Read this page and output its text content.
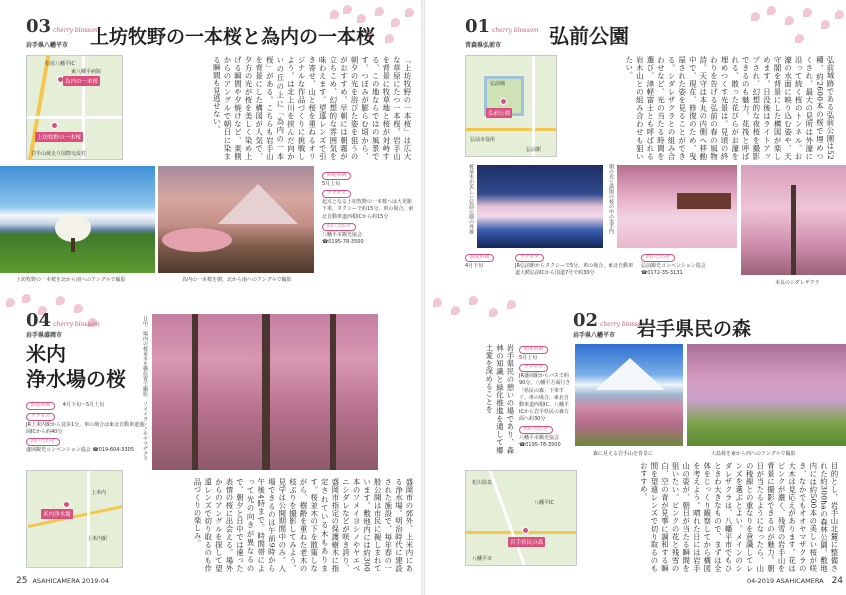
03 cherry blossom
岩手県八幡平市 上坊牧野の一本桜と為内の一本桜
松尾八幡平IC
東八幡平病院
為内の一本桜
上坊牧野の一本桜
岩手山焼走り国際交流村	「上坊牧野の一本桜」は広大な草原にたつ一本桜。岩手山を背景に牧草地と桜が対峙する、この地ならではの風景です。つぼみが膨らむ頃から、朝夕の光を浴びた姿を狙うのがおすすめ。早朝には朝霧が立ちこめ、幻想的な雰囲気を味わえます。望遠レンズで引き寄せ、山と桜を重ねるオリジナルな作品づくりに挑戦しよう。は北上川を挟んだ向かいの丘の上に「為内の一本桜」がある。こちらも岩手山を背景にした構図が人気で、夕方の光が桜を美しく染め上げる瞬間や夕焼けなど、東側からのアングルで朝日に染まる瞬間も見逃せない。
上坊牧野の一本桜を北から南へのアングルで撮影	為内の一本桜を朝、北から南へのアングルで撮影
開花時期

5月上旬

アクセス

起点となる上坊牧野の一本桜へは大更駅下車、タクシーで約15分。車の場合、東北自動車道西根ICから約15分

問い合わせ

八幡平市観光協会
☎0195-78-3500

04 cherry blossom
岩手県盛岡市
米内
浄水場の桜
開花時期	4月下旬～5月上旬
アクセス

JR上米内駅から徒歩1分。車の場合は東北自動車道盛岡ICから約40分

問い合わせ

盛岡観光コンベンション協会 ☎019-604-3305

米内浄水場
上米内
上米内駅
日中、場内の桜並木を横位置で撮影。ソメイヨシノやヤマザクラ
盛岡市の郊外、上米内にある浄水場。明治時代に建設された施設で、毎年春の一般公開は市民に親しまれています。敷地内には約300本のソメイヨシノやヤエベニシダレなどが咲き誇り、盛岡市指定の保護樹木に指定されている木もあります。桜並木の下を散策しながら、樹齢を重ねた老木の枝ぶりを撮影してみよう。見学は公開期間中のみ。入場できるのは午前9時から午後4時まで。時間帯によって光の向きが異なるので、朝夕と日中では違った表情の桜に出会える。場外からのアングルを探して望遠レンズで切り取るのも作品づくりの楽しみ。
25 ASAHICAMERA 2019-04
01 cherry blossom
青森県弘前市 弘前公園
弘前城
弘前公園
弘前市役所
弘前駅	弘前城跡である弘前公園は52種、約2600本の桜で埋めつくされ、最大の見所は外濠に沿って続く桜のトンネル。お濠の水面に映り込む姿や、天守閣を背景にした構図が楽しめます。日没後はライトアップされ、幻想的な夜桜を撮影できるのも魅力。花筏と呼ばれる、散った花びらがお濠を埋めつくす光景は、見頃の終わりを告げる弘前の春の風物詩。天守は本丸の内側へ移動中で、現在、修復のため、曳屋された姿を見ることができる。シダレザクラとの組み合わせなど、光の当たる時間を選び、津軽富士とも呼ばれる岩木山との組み合わせも狙いたい。
桜並木が美しい弘前公園の外濠	朝の光と満開の桜の中の追手門
本丸のシダレザクラ
開花時期

4月下旬

アクセス

JR弘前駅からタクシーで5分。車の場合、東北自動車道大鰐弘前ICから国道7号で約30分

問い合わせ

弘前観光コンベンション協会
☎0172-35-3131

02 cherry blossom
岩手県八幡平市 岩手県民の森
岩手県民の憩いの場であり、森林の知識と緑化推進を通して郷土愛を深めることを	開花時期

5月上旬

アクセス

JR盛岡駅からバスで約90分。八幡平方面行き「県民の森」下車すぐ。車の場合、東北自動車道西根IC、八幡平ICから岩手県民の森方面へ約30分

問い合わせ

八幡平市観光協会
☎0195-78-3500

森に見える岩手山を背景に	大島桜を東から西へのアングルで撮影
松川温泉
八幡平IC
岩手県民の森
八幡平市	目的とし、岩手山北麓に整備された約300haの森林公園。敷地内には約500本の美しい桜が咲き、なかでもオオヤマザクラの大木は見応えがあります。花はピンクが濃く、残雪の岩手山を背景に撮影できるのが魅力。朝日が当たるようになったら、山の稜線との重なりを意識してレンズを選ぶとよい。メインのシダレザクラは、八幡平市でもひときわ大きなもので、まずは全体をじっくり観察してから構図を考えよう。晴れた日には岩手山の姿が、朝日が当たる瞬間を狙いたい。ピンクの花と残雪の白、空の青が見事に調和する瞬間を望遠レンズで切り取るのもおすすめ。
04-2019 ASAHICAMERA 24
